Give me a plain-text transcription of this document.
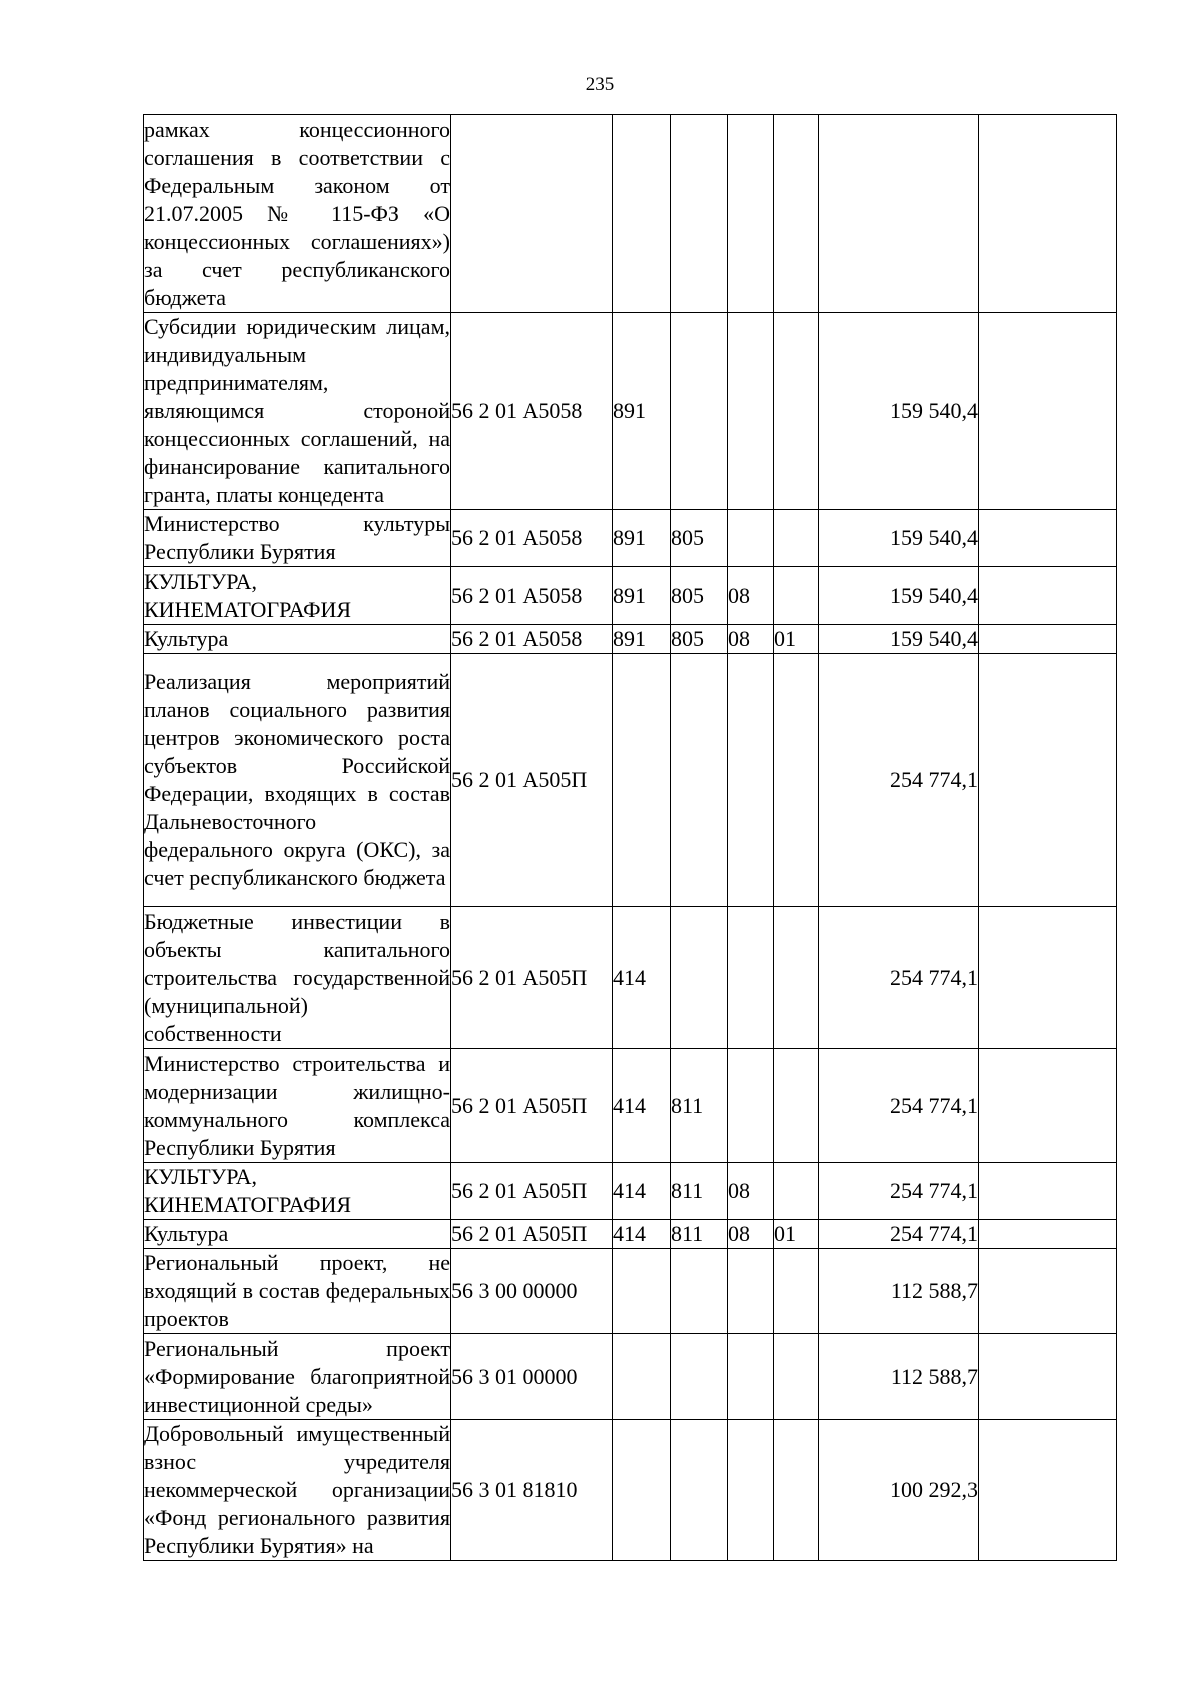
235
рамках концессионного соглашения в соответствии с Федеральным законом от 21.07.2005 № 115-ФЗ «О концессионных соглашениях») за счет республиканского бюджета							
Субсидии юридическим лицам, индивидуальным предпринимателям, являющимся стороной концессионных соглашений, на финансирование капитального гранта, платы концедента	56 2 01 А5058	891				159 540,4	
Министерство культуры Республики Бурятия	56 2 01 А5058	891	805			159 540,4	
КУЛЬТУРА, КИНЕМАТОГРАФИЯ	56 2 01 А5058	891	805	08		159 540,4	
Культура	56 2 01 А5058	891	805	08	01	159 540,4	
Реализация мероприятий планов социального развития центров экономического роста субъектов Российской Федерации, входящих в состав Дальневосточного федерального округа (ОКС), за счет республиканского бюджета	56 2 01 А505П					254 774,1	
Бюджетные инвестиции в объекты капитального строительства государственной (муниципальной) собственности	56 2 01 А505П	414				254 774,1	
Министерство строительства и модернизации жилищно-коммунального комплекса Республики Бурятия	56 2 01 А505П	414	811			254 774,1	
КУЛЬТУРА, КИНЕМАТОГРАФИЯ	56 2 01 А505П	414	811	08		254 774,1	
Культура	56 2 01 А505П	414	811	08	01	254 774,1	
Региональный проект, не входящий в состав федеральных проектов	56 3 00 00000					112 588,7	
Региональный проект «Формирование благоприятной инвестиционной среды»	56 3 01 00000					112 588,7	
Добровольный имущественный взнос учредителя некоммерческой организации «Фонд регионального развития Республики Бурятия» на	56 3 01 81810					100 292,3	
